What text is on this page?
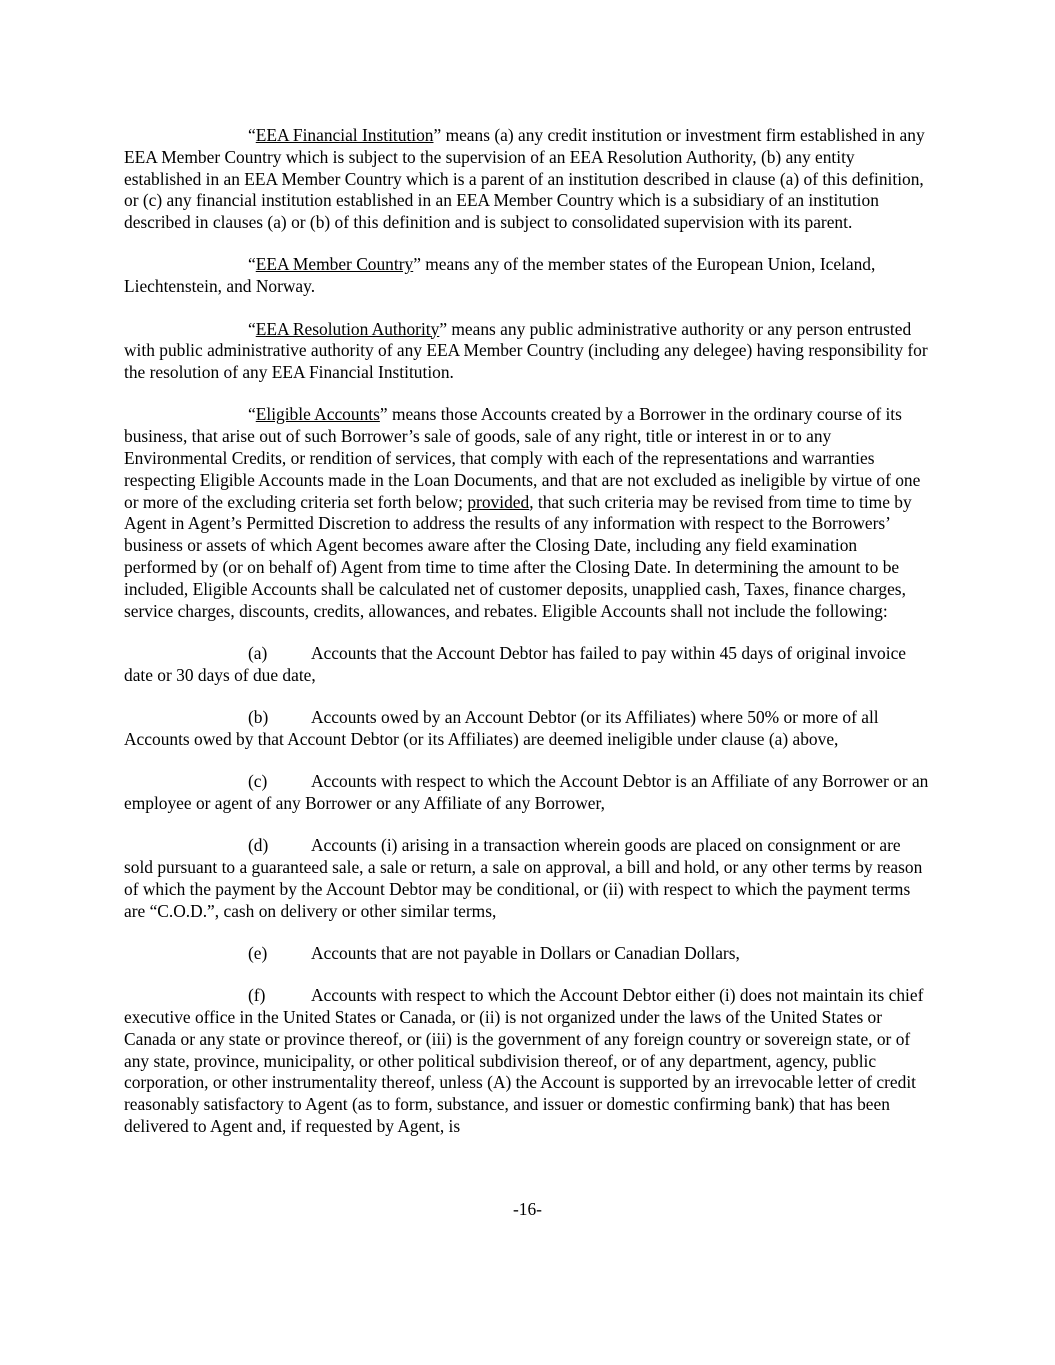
“EEA Financial Institution” means (a) any credit institution or investment firm established in any EEA Member Country which is subject to the supervision of an EEA Resolution Authority, (b) any entity established in an EEA Member Country which is a parent of an institution described in clause (a) of this definition, or (c) any financial institution established in an EEA Member Country which is a subsidiary of an institution described in clauses (a) or (b) of this definition and is subject to consolidated supervision with its parent.

“EEA Member Country” means any of the member states of the European Union, Iceland, Liechtenstein, and Norway.

“EEA Resolution Authority” means any public administrative authority or any person entrusted with public administrative authority of any EEA Member Country (including any delegee) having responsibility for the resolution of any EEA Financial Institution.

“Eligible Accounts” means those Accounts created by a Borrower in the ordinary course of its business, that arise out of such Borrower’s sale of goods, sale of any right, title or interest in or to any Environmental Credits, or rendition of services, that comply with each of the representations and warranties respecting Eligible Accounts made in the Loan Documents, and that are not excluded as ineligible by virtue of one or more of the excluding criteria set forth below; provided, that such criteria may be revised from time to time by Agent in Agent’s Permitted Discretion to address the results of any information with respect to the Borrowers’ business or assets of which Agent becomes aware after the Closing Date, including any field examination performed by (or on behalf of) Agent from time to time after the Closing Date. In determining the amount to be included, Eligible Accounts shall be calculated net of customer deposits, unapplied cash, Taxes, finance charges, service charges, discounts, credits, allowances, and rebates. Eligible Accounts shall not include the following:

(a)	Accounts that the Account Debtor has failed to pay within 45 days of original invoice date or 30 days of due date,

(b) Accounts owed by an Account Debtor (or its Affiliates) where 50% or more of all Accounts owed by that Account Debtor (or its Affiliates) are deemed ineligible under clause (a) above,

(c)	Accounts with respect to which the Account Debtor is an Affiliate of any Borrower or an employee or agent of any Borrower or any Affiliate of any Borrower,

(d) Accounts (i) arising in a transaction wherein goods are placed on consignment or are sold pursuant to a guaranteed sale, a sale or return, a sale on approval, a bill and hold, or any other terms by reason of which the payment by the Account Debtor may be conditional, or (ii) with respect to which the payment terms are “C.O.D.”, cash on delivery or other similar terms,

(e)	Accounts that are not payable in Dollars or Canadian Dollars,

(f)	Accounts with respect to which the Account Debtor either (i) does not maintain its chief executive office in the United States or Canada, or (ii) is not organized under the laws of the United States or Canada or any state or province thereof, or (iii) is the government of any foreign country or sovereign state, or of any state, province, municipality, or other political subdivision thereof, or of any department, agency, public corporation, or other instrumentality thereof, unless (A) the Account is supported by an irrevocable letter of credit reasonably satisfactory to Agent (as to form, substance, and issuer or domestic confirming bank) that has been delivered to Agent and, if requested by Agent, is

-16-
